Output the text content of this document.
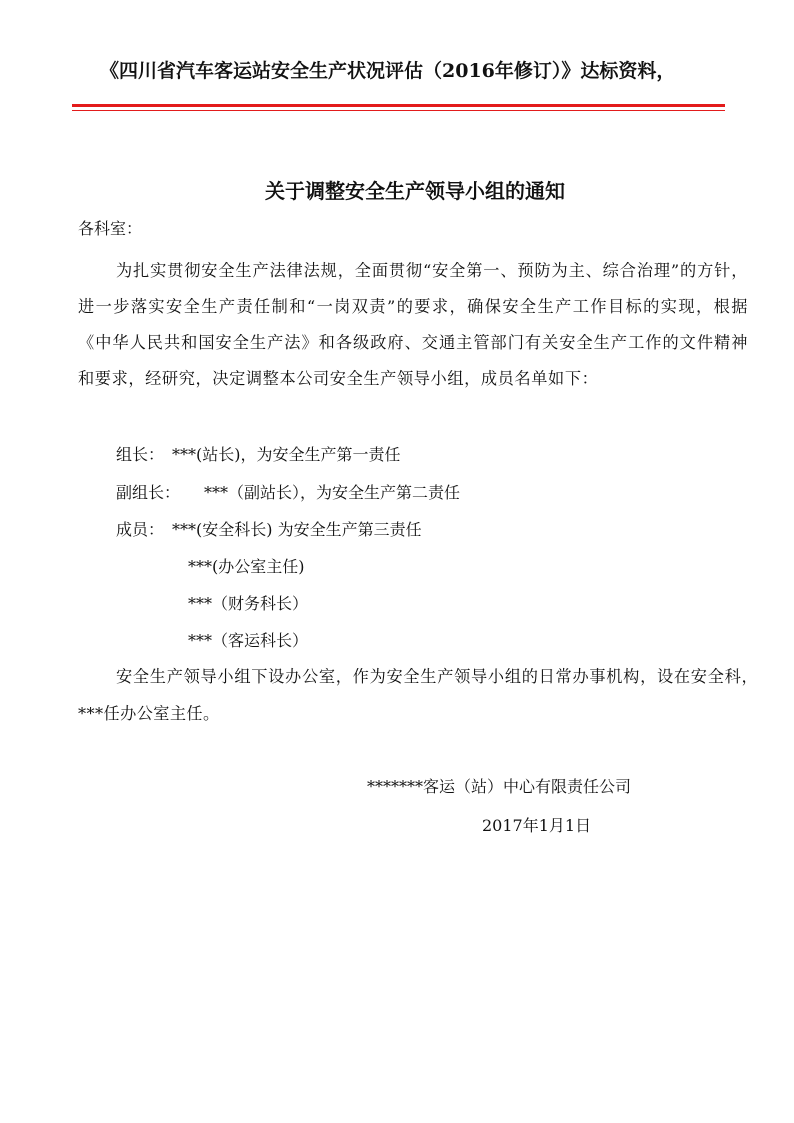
《四川省汽车客运站安全生产状况评估（2016年修订）》达标资料，
关于调整安全生产领导小组的通知
各科室：
为扎实贯彻安全生产法律法规，全面贯彻“安全第一、预防为主、综合治理”的方针，进一步落实安全生产责任制和“一岗双责”的要求，确保安全生产工作目标的实现，根据《中华人民共和国安全生产法》和各级政府、交通主管部门有关安全生产工作的文件精神和要求，经研究，决定调整本公司安全生产领导小组，成员名单如下：
组长： ***(站长)，为安全生产第一责任
副组长： ***（副站长），为安全生产第二责任
成员： ***(安全科长) 为安全生产第三责任
***(办公室主任)
***（财务科长）
***（客运科长）
安全生产领导小组下设办公室，作为安全生产领导小组的日常办事机构，设在安全科，　***任办公室主任。
*******客运（站）中心有限责任公司
2017年1月1日
